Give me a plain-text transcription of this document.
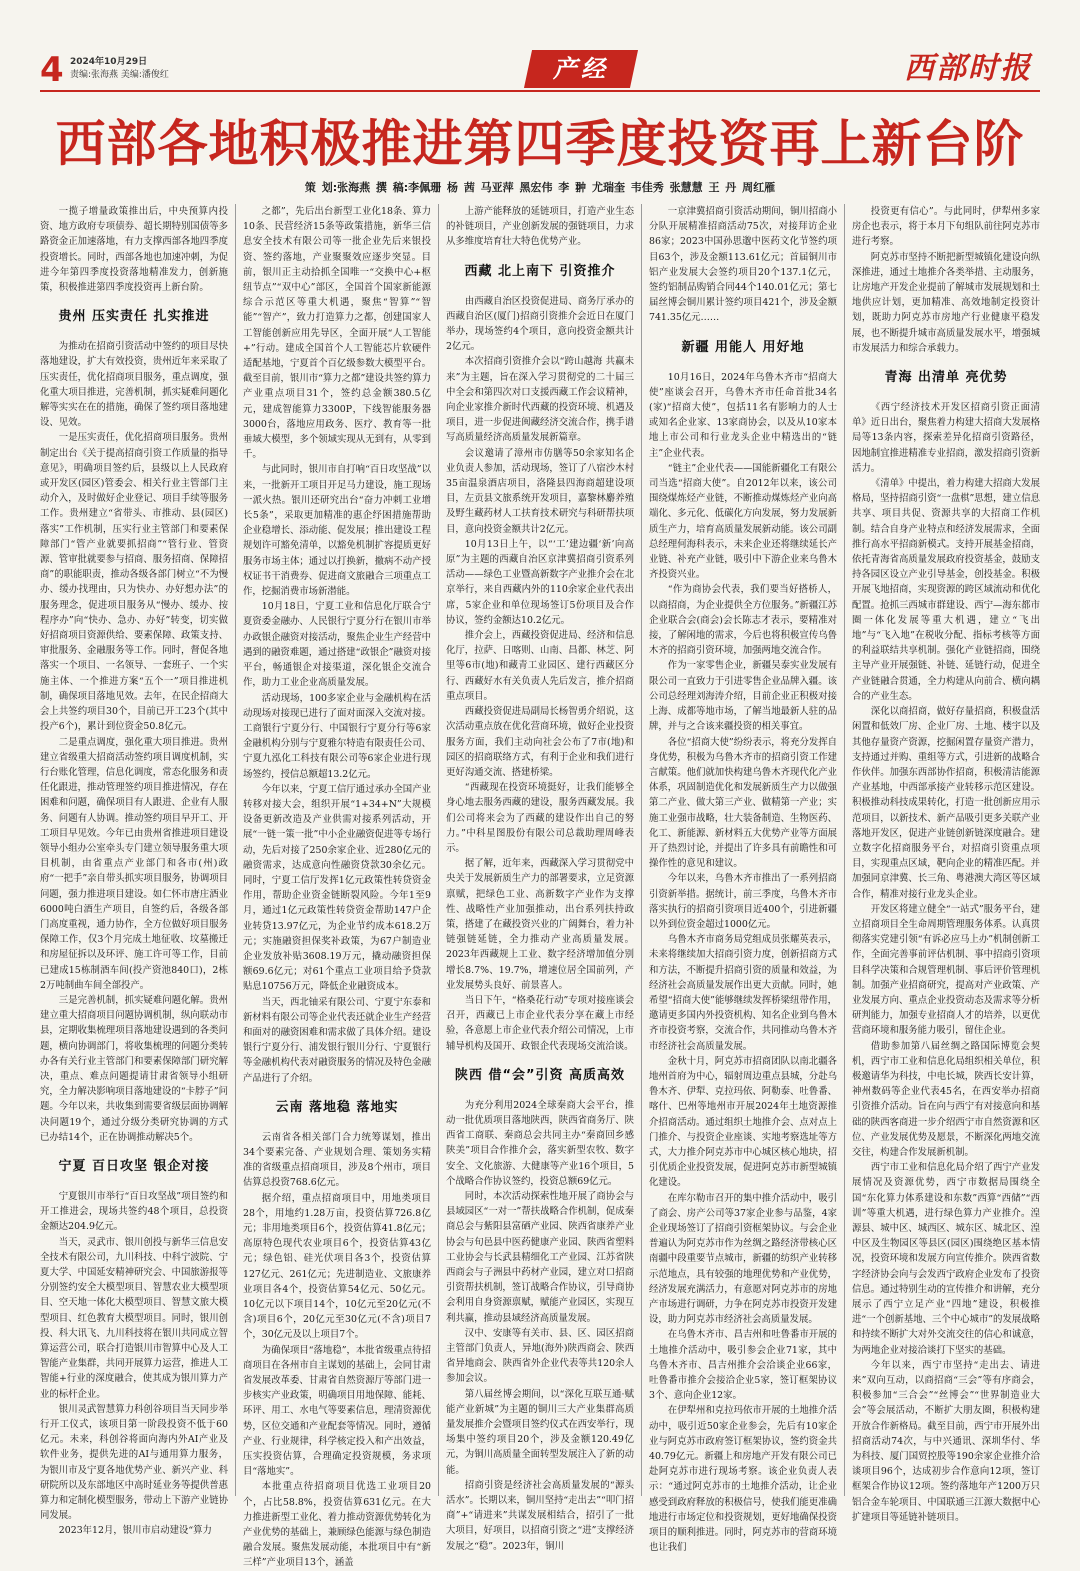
4 2024年10月29日
责编:张海燕 美编:潘俊红	产经	西部时报
西部各地积极推进第四季度投资再上新台阶
策 划:张海燕 撰 稿:李佩珊 杨 茜 马亚萍 黑宏伟 李 翀 尤瑞奎 韦佳秀 张慧慧 王 丹 周红雁

一揽子增量政策推出后，中央预算内投资、地方政府专项债券、超长期特别国债等多路资金正加速落地，有力支撑西部各地四季度投资增长。同时，西部各地也加速冲刺，为促进今年第四季度投资落地精准发力，创新施策，积极推进第四季度投资再上新台阶。

贵州 压实责任 扎实推进

为推动在招商引资活动中签约的项目尽快落地建设，扩大有效投资，贵州近年来采取了压实责任，优化招商项目服务，重点调度，强化重大项目推进，完善机制，抓实疑难问题化解等实实在在的措施，确保了签约项目落地建设、见效。

一是压实责任，优化招商项目服务。贵州制定出台《关于提高招商引资工作质量的指导意见》，明确项目签约后，县级以上人民政府或开发区(园区)管委会、相关行业主管部门主动介入，及时做好企业登记、项目手续等服务工作。贵州建立“省带头、市推动、县(园区)落实”工作机制，压实行业主管部门和要素保障部门“管产业就要抓招商”“管行业、管资源、管审批就要参与招商、服务招商、保障招商”的职能职责，推动各级各部门树立“不为慢办、缓办找理由，只为快办、办好想办法”的服务理念，促进项目服务从“慢办、缓办、按程序办”向“快办、急办、办好”转变，切实做好招商项目资源供给、要素保障、政策支持、审批服务、金融服务等工作。同时，督促各地落实一个项目、一名领导、一套班子、一个实施主体、一个推进方案“五个一”项目推进机制，确保项目落地见效。去年，在民企招商大会上共签约项目30个，目前已开工23个(其中投产6个)，累计到位资金50.8亿元。

二是重点调度，强化重大项目推进。贵州建立省级重大招商活动签约项目调度机制，实行台账化管理，信息化调度，常态化服务和责任化跟进，推动管理签约项目推进情况，存在困难和问题，确保项目有人跟进、企业有人服务、问题有人协调。推动签约项目早开工、开工项目早见效。今年已由贵州省推进项目建设领导小组办公室牵头专门建立领导服务重大项目机制，由省重点产业部门和各市(州)政府“一把手”亲自带头抓实项目服务，协调项目问题，强力推进项目建设。如仁怀市唐庄酒业6000吨白酒生产项目，自签约后，各级各部门高度重视，通力协作，全方位做好项目服务保障工作，仅3个月完成土地征收、坟墓搬迁和房屋征拆以及环评、施工许可等工作，目前已建成15栋制酒车间(投产资池840口)，2栋2万吨制曲车间全部投产。

三是完善机制，抓实疑难问题化解。贵州建立重大招商项目问题协调机制，纵向联动市县，定期收集梳理项目落地建设遇到的各类问题，横向协调部门，将收集梳理的问题分类转办各有关行业主管部门和要素保障部门研究解决，重点、难点问题提请甘肃省领导小组研究，全力解决影响项目落地建设的“卡脖子”问题。今年以来，共收集到需要省级层面协调解决问题19个，通过分级分类研究协调的方式已办结14个，正在协调推动解决5个。

宁夏 百日攻坚 银企对接

宁夏银川市举行“百日攻坚战”项目签约和开工推进会，现场共签约48个项目，总投资金额达204.9亿元。

当天，灵武市、银川创投与新华三信息安全技术有限公司，九川科技、中科宁波院、宁夏大学、中国延安精神研究会、中国旅游报等分别签约安全大模型项目、智慧农业大模型项目、空天地一体化大模型项目、智慧文旅大模型项目、红色教育大模型项目。同时，银川创投、科大讯飞、九川科技将在银川共同成立智算运营公司，联合打造银川市智算中心及人工智能产业集群，共同开展算力运营，推进人工智能+行业的深度融合，使其成为银川算力产业的标杆企业。

银川灵武智慧算力科创谷项目当天同步举行开工仪式，该项目第一阶段投资不低于60亿元。未来，科创谷将面向海内外AI产业及软件业务，提供先进的AI与通用算力服务，为银川市及宁夏各地优势产业、新兴产业、科研院所以及东部地区中高时延业务等提供普惠算力和定制化模型服务，带动上下游产业链协同发展。

2023年12月，银川市启动建设“算力

之都”，先后出台新型工业化18条、算力10条、民营经济15条等政策措施，新华三信息安全技术有限公司等一批企业先后来银投资、签约落地，产业聚聚效应逐步突显。目前，银川正主动拾抓全国唯一“交换中心+枢纽节点”“双中心”部区，全国首个国家新能源综合示范区等重大机遇，聚焦“智算”“智能”“智产”，致力打造算力之都，创建国家人工智能创新应用先导区，全面开展“人工智能+”行动。建成全国首个人工智能芯片软硬件适配基地，宁夏首个百亿级参数大模型平台。截至目前，银川市“算力之都”建设共签约算力产业重点项目31个，签约总金额380.5亿元，建成智能算力3300P，下线智能服务器3000台，落地应用政务、医疗、教育等一批垂域大模型，多个领域实现从无到有，从零到千。

与此同时，银川市自打响“百日攻坚战”以来，一批新开工项目开足马力建设，施工现场一派火热。银川还研究出台“奋力冲刺工业增长5条”，采取更加精准的惠企纾困措施帮助企业稳增长、添动能、促发展；推出建设工程规划许可豁免清单，以豁免机制扩容提质更好服务市场主体；通过以打换新，撤病不动产授权证书干消费券、促进商文旅融合三项重点工作，挖掘消费市场新潜能。

10月18日，宁夏工业和信息化厅联合宁夏资委金融办、人民银行宁夏分行在银川市举办政银企融资对接活动，聚焦企业生产经营中遇到的融资难题，通过搭建“政银企”融资对接平台，畅通银企对接渠道，深化银企交流合作，助力工业企业高质量发展。

活动现场，100多家企业与金融机构在活动现场对接现已进行了面对面深入交流对接。工商银行宁夏分行、中国银行宁夏分行等6家金融机构分别与宁夏雅尔特造有限责任公司、宁夏九泓化工科技有限公司等6家企业进行现场签约，授信总额超13.2亿元。

今年以来，宁夏工信厅通过承办全国产业转移对接大会，组织开展“1+34+N”大规模设备更新改造及产业供需对接系列活动，开展“一链一策一批”中小企业融资促进等专场行动，先后对接了250余家企业、近280亿元的融资需求，达成意向性融资贷款30余亿元。同时，宁夏工信厅发挥1亿元政策性转贷资金作用，帮助企业资金链断裂风险。今年1至9月，通过1亿元政策性转贷资金帮助147户企业转贷13.97亿元，为企业节约成本618.2万元；实施融资担保奖补政策，为67户制造业企业发放补贴3608.19万元，撬动融资担保额69.6亿元；对61个重点工业项目给予贷款贴息10756万元，降低企业融资成本。

当天，西北铀采有限公司、宁夏宁东泰和新材料有限公司等企业代表还就企业生产经营和面对的融资困难和需求做了具体介绍。建设银行宁夏分行、浦发银行银川分行、宁夏银行等金融机构代表对融资服务的情况及特色金融产品进行了介绍。

云南 落地稳 落地实

云南省各相关部门合力统筹谋划，推出34个要素完备、产业规划合理、策划务实精准的省级重点招商项目，涉及8个州市，项目估算总投资768.6亿元。

据介绍，重点招商项目中，用地类项目28个，用地约1.28万亩，投资估算726.8亿元；非用地类项目6个，投资估算41.8亿元；高原特色现代农业项目6个，投资估算43亿元；绿色铝、硅光伏项目各3个，投资估算127亿元、261亿元；先进制造业、文旅康养业项目各4个，投资估算54亿元、50亿元。10亿元以下项目14个，10亿元至20亿元(不含)项目6个，20亿元至30亿元(不含)项目7个，30亿元及以上项目7个。

为确保项目“落地稳”，本批省级重点待招商项目在各州市自主谋划的基础上，会同甘肃省发展改革委、甘肃省自然资源厅等部门进一步核实产业政策，明确项目用地保障、能耗、环评、用工、水电气等要素信息，理清资源优势，区位交通和产业配套等情况。同时，遵循产业、行业规律，科学核定投入和产出效益，压实投资估算，合理确定投资规模，务求项目“落地实”。

本批重点待招商项目优选工业项目20个，占比58.8%，投资估算631亿元。在大力推进新型工业化、着力推动资源优势转化为产业优势的基础上，兼顾绿色能源与绿色制造融合发展。聚焦发展动能，本批项目中有“新三样”产业项目13个，涵盖

上游产能释放的延链项目，打造产业生态的补链项目，产业创新发展的强链项目，力求从多维度培育壮大特色优势产业。

西藏 北上南下 引资推介

由西藏自治区投资促进局、商务厅承办的西藏自治区(厦门)招商引资推介会近日在厦门举办，现场签约4个项目，意向投资金额共计2亿元。

本次招商引资推介会以“跨山越海 共赢未来”为主题，旨在深入学习贯彻党的二十届三中全会和第四次对口支援西藏工作会议精神，向企业家推介新时代西藏的投资环境、机遇及项目，进一步促进闽藏经济交流合作，携手谱写高质量经济高质量发展新篇章。

会议邀请了漳州市仿膳等50余家知名企业负责人参加，活动现场，签订了八宿沙木村35亩温泉酒店项目，洛隆县四海商超建设项目，左贡县文旅系统开发项目，嘉黎林麝养殖及野生藏药材人工扶育技术研究与科研帮扶项目，意向投资金额共计2亿元。

10月13日上午，以“‘工’建边疆‘新’向高原”为主题的西藏自治区京津冀招商引资系列活动——绿色工业暨高新数字产业推介会在北京举行，来自西藏内外的110余家企业代表出席，5家企业和单位现场签订5份项目及合作协议，签约金额达10.2亿元。

推介会上，西藏投资促进局、经济和信息化厅，拉萨、日喀则、山南、昌都、林芝、阿里等6市(地)和藏青工业园区、建行西藏区分行、西藏好水有关负责人先后发言，推介招商重点项目。

西藏投资促进局副局长杨智勇介绍说，这次活动重点放在优化营商环境，做好企业投资服务方面，我们主动向社会公布了7市(地)和园区的招商联络方式，有利于企业和我们进行更好沟通交流、搭建桥梁。

“西藏现在投资环境挺好，让我们能够全身心地去服务西藏的建设，服务西藏发展。我们公司将来会为了西藏的建设作出自己的努力。”中科星图股份有限公司总裁助理周峰表示。

据了解，近年来，西藏深入学习贯彻党中央关于发展新质生产力的部署要求，立足资源禀赋，把绿色工业、高新数字产业作为支撑性、战略性产业加强推动，出台系列扶持政策，搭建了在藏投资兴业的广阔舞台，着力补链强链延链，全力推动产业高质量发展。2023年西藏规上工业、数字经济增加值分别增长8.7%、19.7%，增速位居全国前列，产业发展势头良好、前景喜人。

当日下午，“格桑花行动”专项对接座谈会召开，西藏已上市企业代表分享在藏上市经验，各意愿上市企业代表介绍公司情况，上市辅导机构及国开、政银企代表现场交流洽谈。

陕西 借“会”引资 高质高效

为充分利用2024全球秦商大会平台，推动一批优质项目落地陕西，陕西省商务厅、陕西省工商联、秦商总会共同主办“秦商回乡感陕美”项目合作推介会，落实新型农牧、数字安全、文化旅游、大健康等产业16个项目，5个战略合作协议签约，投资总额69亿元。

同时，本次活动探索性地开展了商协会与县域园区“一对一”帮扶战略合作机制，促成秦商总会与紫阳县富硒产业园、陕西省康养产业协会与旬邑县中医药健康产业园、陕西省塑料工业协会与长武县精细化工产业园、江苏省陕西商会与子洲县中药材产业园，建立对口招商引资帮扶机制，签订战略合作协议，引导商协会利用自身资源禀赋，赋能产业园区，实现互利共赢，推动县域经济高质量发展。

汉中、安康等有关市、县、区、园区招商主管部门负责人，异地(海外)陕西商会、陕西省异地商会、陕西省外企业代表等共120余人参加会议。

第八届丝博会期间，以“深化互联互通·赋能产业新城”为主题的铜川三大产业集群高质量发展推介会暨项目签约仪式在西安举行，现场集中签约项目20个，涉及金额120.49亿元，为铜川高质量全面转型发展注入了新的动能。

招商引资是经济社会高质量发展的“源头活水”。长期以来，铜川坚持“走出去”“叩门招商”+“请进来”共谋发展相结合，招引了一批大项目，好项目，以招商引资之“进”支撑经济发展之“稳”。2023年，铜川

一京津冀招商引资活动期间，铜川招商小分队开展精准招商活动75次，对接拜访企业86家；2023中国孙思邈中医药文化节签约项目63个，涉及金额113.61亿元；首届铜川市铝产业发展大会签约项目20个137.1亿元，签约铝制品购销合同44个140.01亿元；第七届丝博会铜川累计签约项目421个，涉及金额741.35亿元……

新疆 用能人 用好地

10月16日，2024年乌鲁木齐市“招商大使”座谈会召开，乌鲁木齐市任命首批34名(家)“招商大使”，包括11名有影响力的人士或知名企业家、13家商协会，以及从10家本地上市公司和行业龙头企业中精选出的“链主”企业代表。

“链主”企业代表——国能新疆化工有限公司当选“招商大使”。自2012年以来，该公司围绕煤炼烃产业链，不断推动煤炼烃产业向高端化、多元化、低碳化方向发展，努力发展新质生产力，培育高质量发展新动能。该公司副总经理何海科表示，未来企业还将继续延长产业链、补充产业链，吸引中下游企业来乌鲁木齐投资兴业。

“作为商协会代表，我们要当好搭桥人，以商招商，为企业提供全方位服务。”新疆江苏企业联合会(商会)会长陈志才表示，要精准对接，了解闲地的需求，今后也将积极宣传乌鲁木齐的招商引资环境，加强两地交流合作。

作为一家零售企业，新疆吴泰实业发展有限公司一直致力于引进零售企业品牌入疆。该公司总经理刘海涛介绍，目前企业正积极对接上海、成都等地市场，了解当地最新人驻的品牌，并与之合该来疆投资的相关事宜。

各位“招商大使”纷纷表示，将充分发挥自身优势，积极为乌鲁木齐市的招商引资工作建言献策。他们就加快构建乌鲁木齐现代化产业体系，巩固制造优化和发展新质生产力以做强第二产业、做大第三产业、做精第一产业；实施工业强市战略，壮大装备制造、生物医药、化工、新能源、新材料五大优势产业等方面展开了热烈讨论，并提出了许多具有前瞻性和可操作性的意见和建议。

今年以来，乌鲁木齐市推出了一系列招商引资新举措。据统计，前三季度，乌鲁木齐市落实执行的招商引资项目近400个，引进新疆以外到位资金超过1000亿元。

乌鲁木齐市商务局党组成员张耀英表示，未来将继续加大招商引资力度，创新招商方式和方法，不断提升招商引资的质量和效益，为经济社会高质量发展作出更大贡献。同时，她希望“招商大使”能够继续发挥桥梁纽带作用，邀请更多国内外投资机构、知名企业到乌鲁木齐市投资考察，交流合作，共同推动乌鲁木齐市经济社会高质量发展。

金秋十月，阿克苏市招商团队以南北疆各地州首府为中心，辐射周边重点县城，分赴乌鲁木齐、伊犁、克拉玛依、阿勒泰、吐鲁番、喀什、巴州等地州市开展2024年土地资源推介招商活动。通过组织土地推介会、点对点上门推介、与投资企业座谈、实地考察选址等方式，大力推介阿克苏市中心城区核心地块，招引优质企业投资发展，促进阿克苏市新型城镇化建设。

在库尔勒市召开的集中推介活动中，吸引了商会、房产公司等37家企业参与品鉴，4家企业现场签订了招商引资框架协议。与会企业普遍认为阿克苏市作为丝绸之路经济带核心区南疆中段重要节点城市，新疆的纺织产业转移示范地点，具有较强的地理优势和产业优势，经济发展充满活力，有意愿对阿克苏市的房地产市场进行调研，力争在阿克苏市投资开发建设，助力阿克苏市经济社会高质量发展。

在乌鲁木齐市、昌吉州和吐鲁番市开展的土地推介活动中，吸引参会企业71家，其中乌鲁木齐市、昌吉州推介会洽谈企业66家，吐鲁番市推介会接洽企业5家，签订框架协议3个、意向企业12家。

在伊犁州和克拉玛依市开展的土地推介活动中，吸引近50家企业参会，先后有10家企业与阿克苏市政府签订框架协议，签约资金共40.79亿元。新疆上和房地产开发有限公司已赴阿克苏市进行现场考察。该企业负责人表示：“通过阿克苏市的土地推介活动，让企业感受到政府释放的积极信号，使我们能更准确地进行市场定位和投资规划，更好地确保投资项目的顺利推进。同时，阿克苏市的营商环境也让我们

投资更有信心”。与此同时，伊犁州多家房企也表示，将于本月下旬组队前往阿克苏市进行考察。

阿克苏市坚持不断把新型城镇化建设向纵深推进，通过土地推介各类举措、主动服务，让房地产开发企业提前了解城市发展规划和土地供应计划，更加精准、高效地制定投资计划，既助力阿克苏市房地产行业健康平稳发展，也不断提升城市高质量发展水平，增强城市发展活力和综合承载力。

青海 出清单 亮优势

《西宁经济技术开发区招商引资正面清单》近日出台，聚焦着力构建大招商大发展格局等13条内容，探索差异化招商引资路径，因地制宜推进精准专业招商，激发招商引资新活力。

《清单》中提出，着力构建大招商大发展格局，坚持招商引资“一盘棋”思想，建立信息共享、项目共促、资源共享的大招商工作机制。结合自身产业特点和经济发展需求，全面推行高水平招商新模式。支持开展基金招商，依托青海省高质量发展政府投资基金，鼓励支持各园区设立产业引导基金，创投基金。积极开展飞地招商，实现资源的跨区域流动和优化配置。抢抓三西城市群建设、西宁—海东都市圈一体化发展等重大机遇，建立“飞出地”与“飞入地”在税收分配、指标考核等方面的利益联结共享机制。强化产业链招商，围绕主导产业开展强链、补链、延链行动，促进全产业链融合贯通，全力构建从向前合、横向耦合的产业生态。

深化以商招商，做好存量招商，积极盘活闲置和低效厂房、企业厂房、土地、楼宇以及其他存量资产资源，挖掘闲置存量资产潜力，支持通过并购、重组等方式，引进新的战略合作伙伴。加强东西部协作招商，积极清洁能源产业基地，中西部承接产业转移示范区建设。积极推动科技成果转化，打造一批创新应用示范项目，以新技术、新产品吸引更多关联产业落地开发区，促进产业链创新链深度融合。建立数字化招商服务平台，对招商引资重点项目，实现重点区域，靶向企业的精准匹配。并加强同京津冀、长三角、粤港澳大湾区等区域合作，精准对接行业龙头企业。

开发区将建立健全“一站式”服务平台，建立招商项目全生命周期管理服务体系。认真贯彻落实党建引领“有诉必应马上办”机制创新工作，全面完善事前评估机制、事中招商引资项目科学决策和合规管理机制、事后评价管理机制。加强产业招商研究，提高对产业政策、产业发展方向、重点企业投资动态及需求等分析研判能力，加强专业招商人才的培养，以更优营商环境和服务能力吸引，留住企业。

借助参加第八届丝绸之路国际博览会契机，西宁市工业和信息化局组织相关单位，积极邀请华为科技，中电长城，陕西长安计算，神州数码等企业代表45名，在西安举办招商引资推介活动。旨在向与西宁有对接意向和基础的陕西客商进一步介绍西宁市自然资源和区位、产业发展优势及愿景，不断深化两地交流交往，构建合作发展新机制。

西宁市工业和信息化局介绍了西宁产业发展情况及资源优势，西宁市数据局围绕全国“东化算力体系建设和东数”西算“西储”“西训”等重大机遇，进行绿色算力产业推介。湟源县、城中区、城西区、城东区、城北区、湟中区及生物园区等县区(园区)围绕绝区基本情况，投资环境和发展方向宣传推介。陕西省数字经济协会向与会发西宁政府企业发布了投资信息。通过特别生动的宣传推介和讲解，充分展示了西宁立足产业“四地”建设，积极推进“一个创新基地、三个中心城市”的发展战略和持续不断扩大对外交流交往的信心和诚意，为两地企业对接洽谈打下坚实的基础。

今年以来，西宁市坚持“走出去、请进来”双向互动，以商招商“三会”等有序商会，积极参加“三合会”“丝博会”“世界制造业大会”等会展活动，不断扩大朋友圈，积极构建开放合作新格局。截至目前，西宁市开展外出招商活动74次，与中兴通讯、深圳华付、华为科技、厦门国贸控股等190余家企业推介洽谈项目96个，达成初步合作意向12项，签订框架合作协议12项。签约落地年产1200万只铝合金车轮项目、中国联通三江源大数据中心扩建项目等延链补链项目。
